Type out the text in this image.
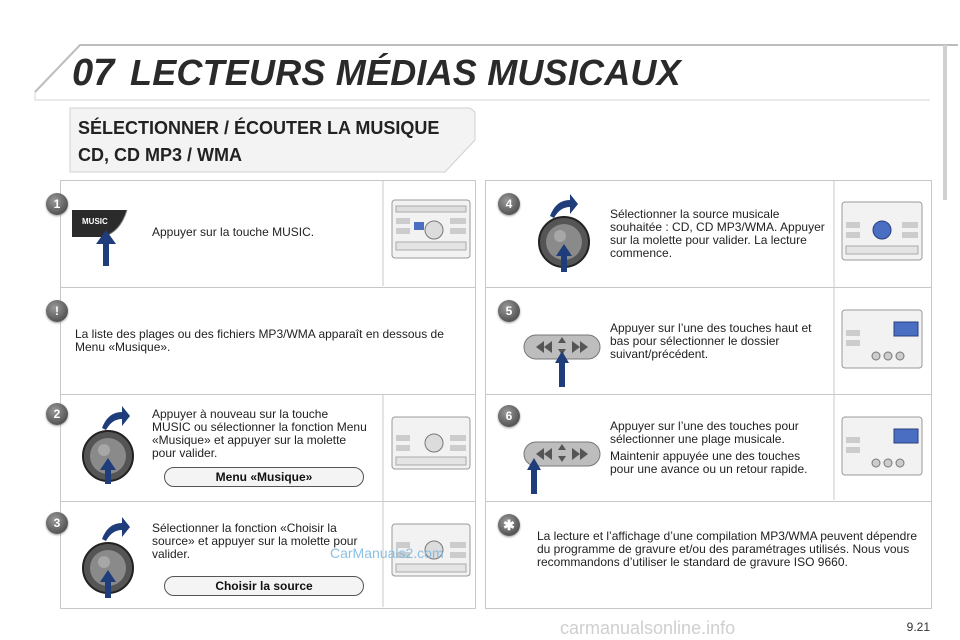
07 LECTEURS MÉDIAS MUSICAUX
SÉLECTIONNER / ÉCOUTER LA MUSIQUE
CD, CD MP3 / WMA
1
!
2
3
4
5
6
✱
MUSIC
Appuyer sur la touche MUSIC.
La liste des plages ou des fichiers MP3/WMA apparaît en dessous de Menu «Musique».
Appuyer à nouveau sur la touche MUSIC ou sélectionner la fonction Menu «Musique» et appuyer sur la molette pour valider.
Menu «Musique»
Sélectionner la fonction «Choisir la source» et appuyer sur la molette pour valider.
Choisir la source
CarManuals2.com
Sélectionner la source musicale souhaitée : CD, CD MP3/WMA. Appuyer sur la molette pour valider. La lecture commence.
Appuyer sur l’une des touches haut et bas pour sélectionner le dossier suivant/précédent.
Appuyer sur l’une des touches pour sélectionner une plage musicale.
Maintenir appuyée une des touches pour une avance ou un retour rapide.
La lecture et l’affichage d’une compilation MP3/WMA peuvent dépendre du programme de gravure et/ou des paramétrages utilisés. Nous vous recommandons d’utiliser le standard de gravure ISO 9660.
9.21
carmanualsonline.info
